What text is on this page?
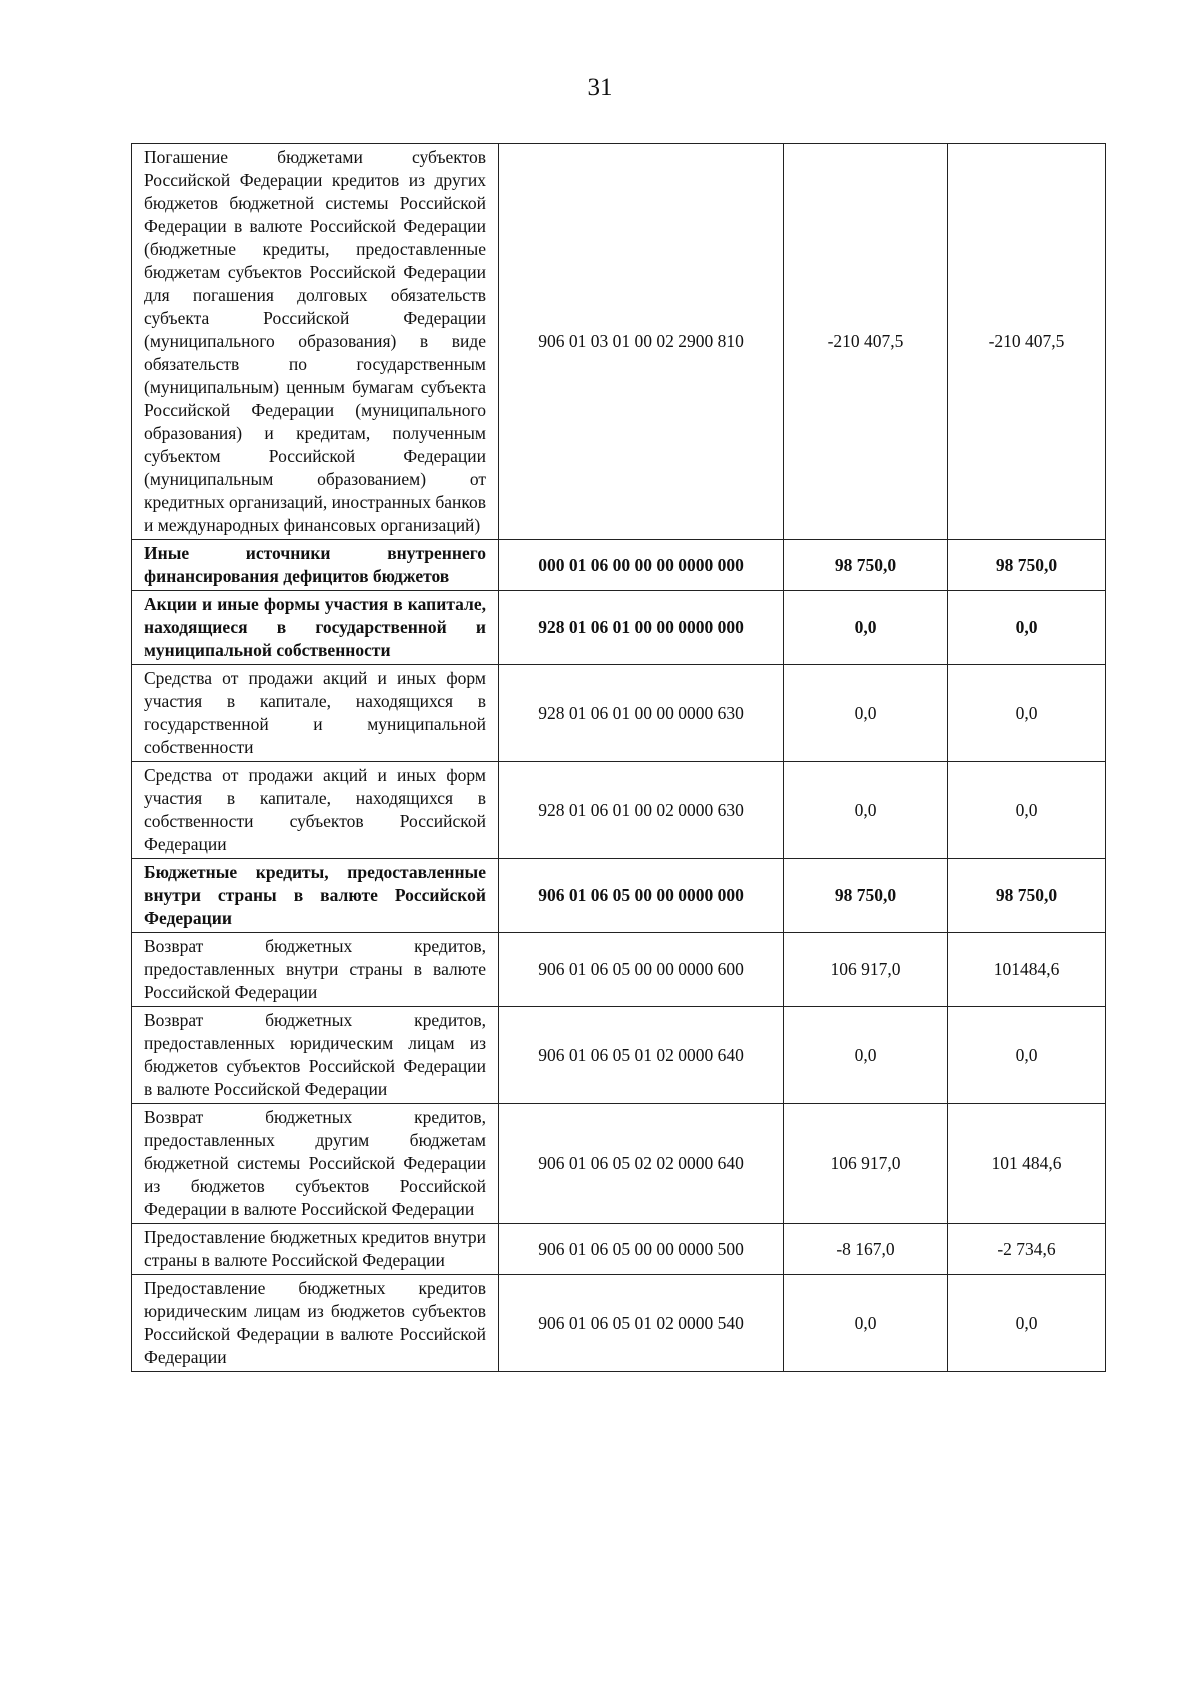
31
Погашение бюджетами субъектов Российской Федерации кредитов из других бюджетов бюджетной системы Российской Федерации в валюте Российской Федерации (бюджетные кредиты, предоставленные бюджетам субъектов Российской Федерации для погашения долговых обязательств субъекта Российской Федерации (муниципального образования) в виде обязательств по государственным (муниципальным) ценным бумагам субъекта Российской Федерации (муниципального образования) и кредитам, полученным субъектом Российской Федерации (муниципальным образованием) от кредитных организаций, иностранных банков и международных финансовых организаций)	906 01 03 01 00 02 2900 810	-210 407,5	-210 407,5
Иные источники внутреннего финансирования дефицитов бюджетов	000 01 06 00 00 00 0000 000	98 750,0	98 750,0
Акции и иные формы участия в капитале, находящиеся в государственной и муниципальной собственности	928 01 06 01 00 00 0000 000	0,0	0,0
Средства от продажи акций и иных форм участия в капитале, находящихся в государственной и муниципальной собственности	928 01 06 01 00 00 0000 630	0,0	0,0
Средства от продажи акций и иных форм участия в капитале, находящихся в собственности субъектов Российской Федерации	928 01 06 01 00 02 0000 630	0,0	0,0
Бюджетные кредиты, предоставленные внутри страны в валюте Российской Федерации	906 01 06 05 00 00 0000 000	98 750,0	98 750,0
Возврат бюджетных кредитов, предоставленных внутри страны в валюте Российской Федерации	906 01 06 05 00 00 0000 600	106 917,0	101484,6
Возврат бюджетных кредитов, предоставленных юридическим лицам из бюджетов субъектов Российской Федерации в валюте Российской Федерации	906 01 06 05 01 02 0000 640	0,0	0,0
Возврат бюджетных кредитов, предоставленных другим бюджетам бюджетной системы Российской Федерации из бюджетов субъектов Российской Федерации в валюте Российской Федерации	906 01 06 05 02 02 0000 640	106 917,0	101 484,6
Предоставление бюджетных кредитов внутри страны в валюте Российской Федерации	906 01 06 05 00 00 0000 500	-8 167,0	-2 734,6
Предоставление бюджетных кредитов юридическим лицам из бюджетов субъектов Российской Федерации в валюте Российской Федерации	906 01 06 05 01 02 0000 540	0,0	0,0
